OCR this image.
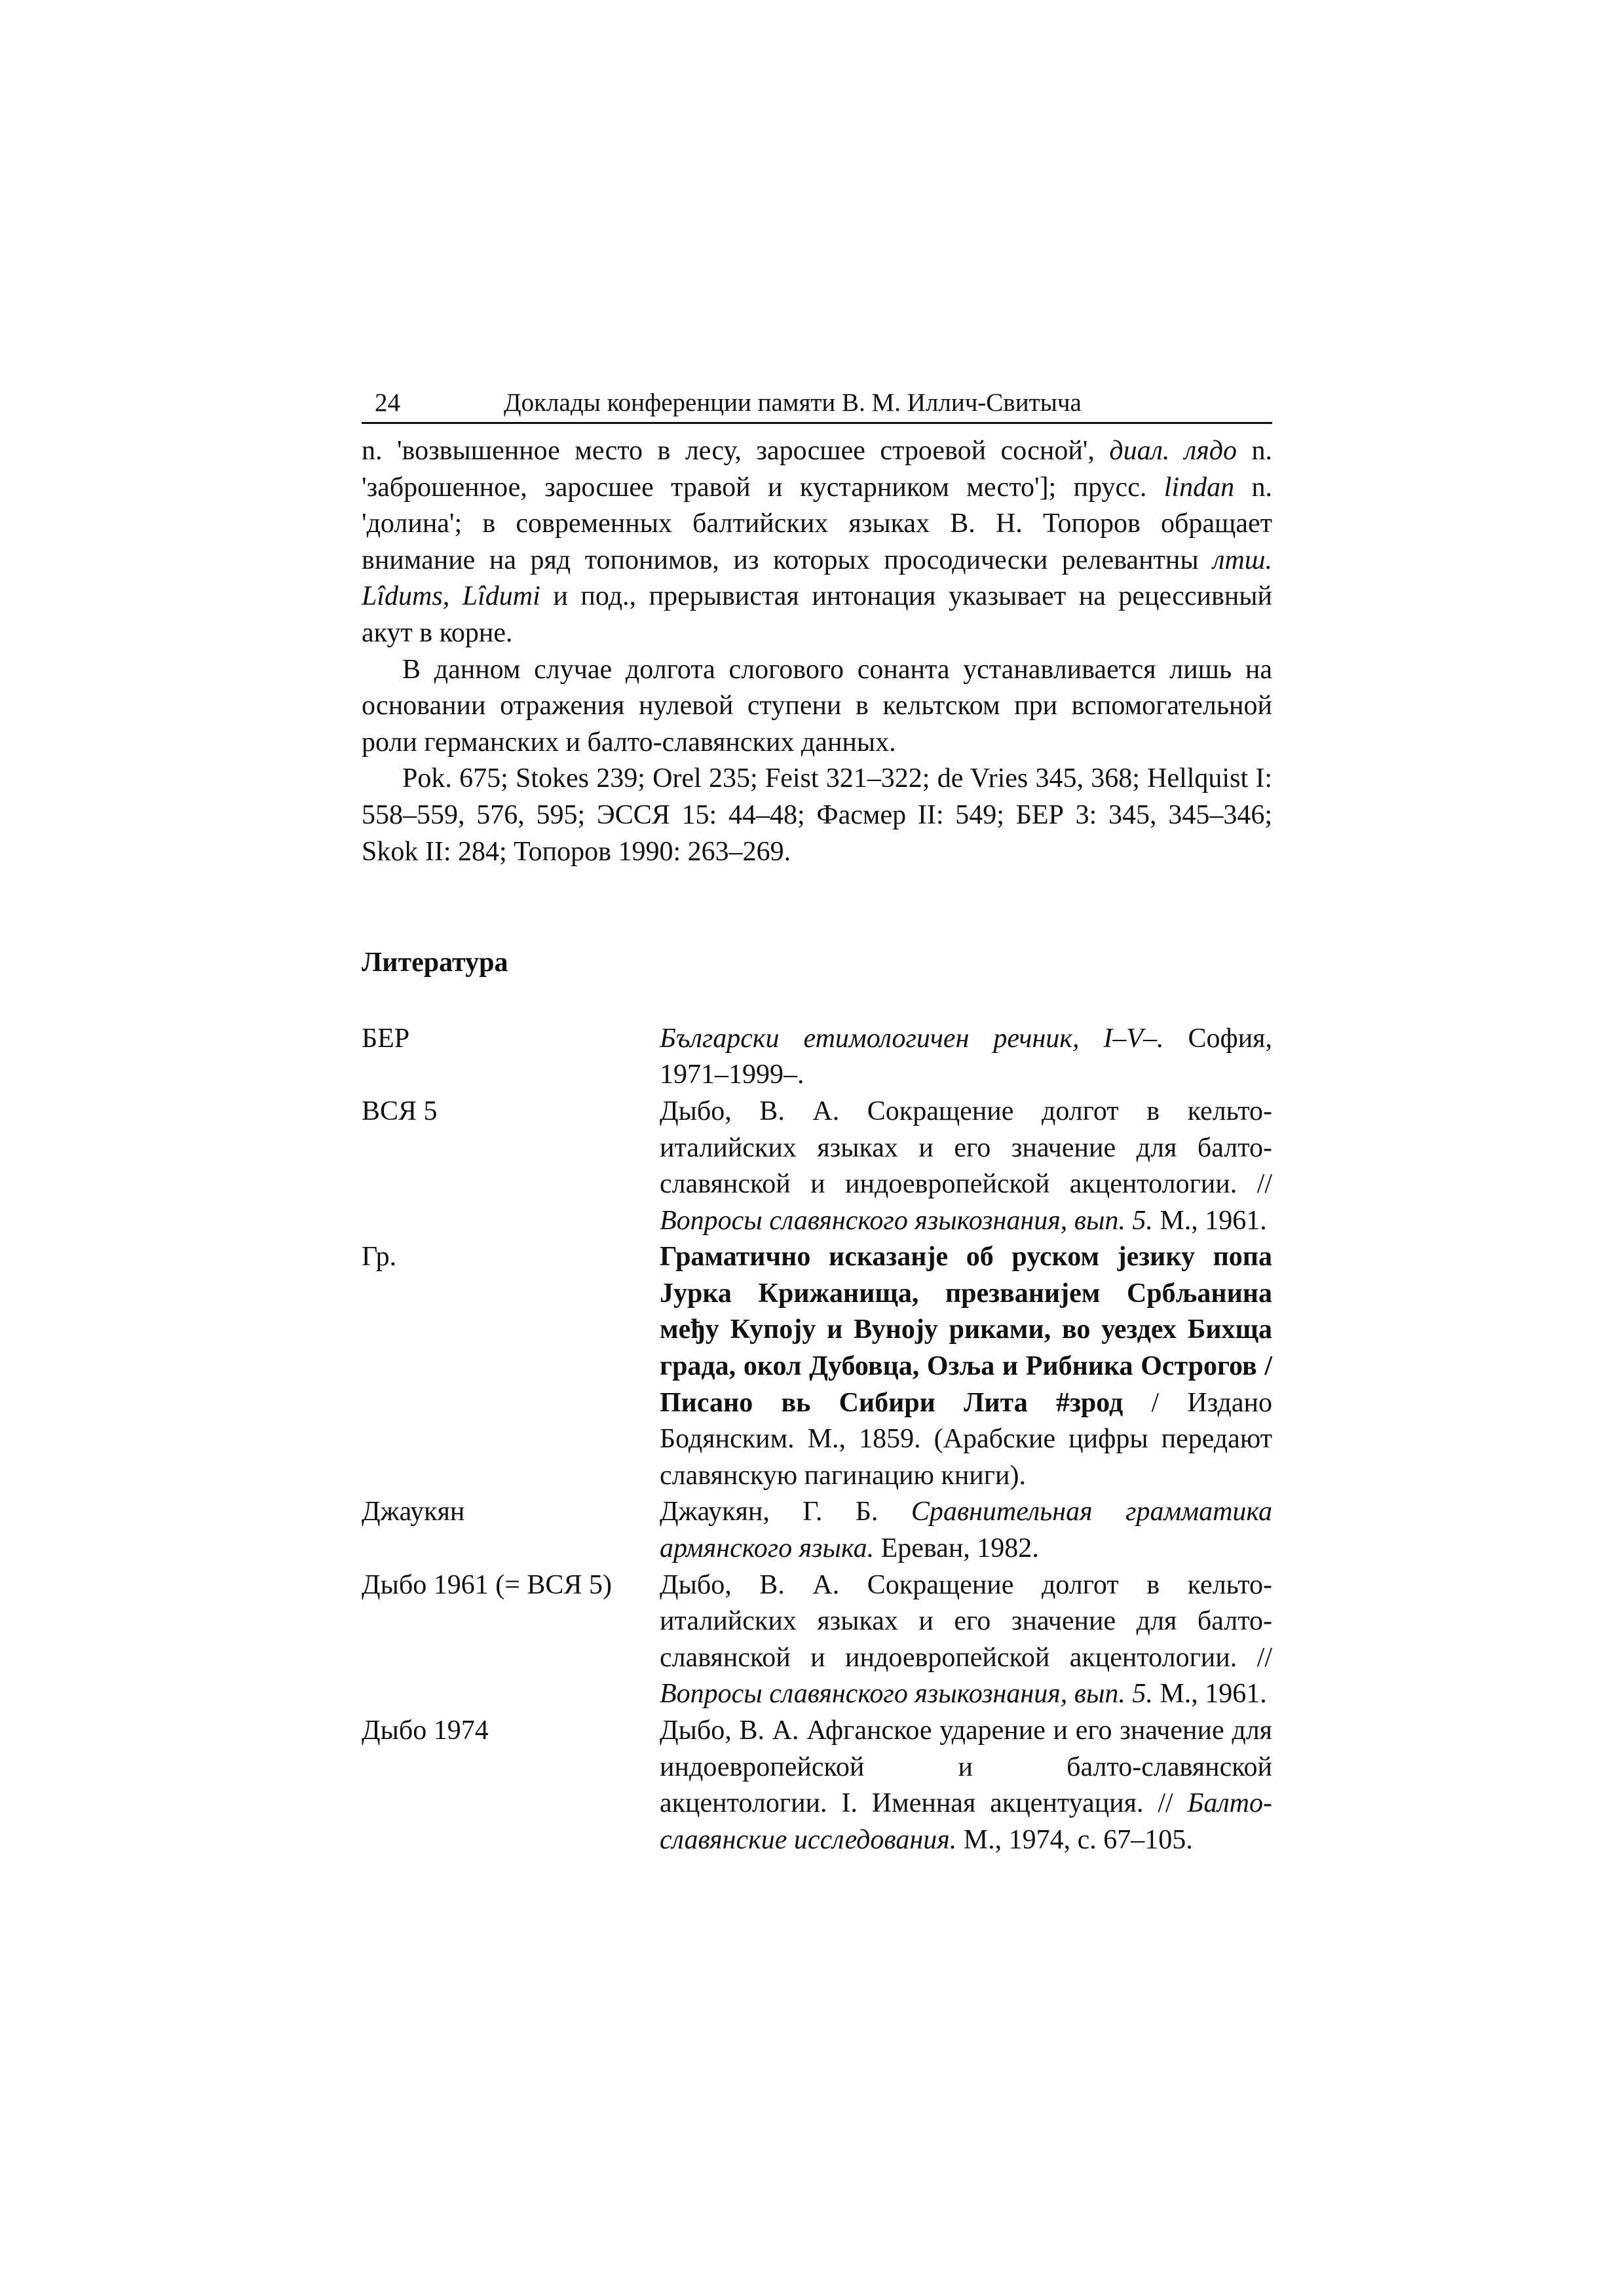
24	Доклады конференции памяти В. М. Иллич-Свитыча

n. 'возвышенное место в лесу, заросшее строевой сосной', диал. лядо n. 'заброшенное, заросшее травой и кустарником место']; прусс. lindan n. 'долина'; в современных балтийских языках В. Н. Топоров обращает внимание на ряд топонимов, из которых просодически релевантны лтш. Lîdums, Lîdumi и под., прерывистая интонация указывает на рецессивный акут в корне.

В данном случае долгота слогового сонанта устанавливается лишь на основании отражения нулевой ступени в кельтском при вспомогательной роли германских и балто-славянских данных.

Pok. 675; Stokes 239; Orel 235; Feist 321–322; de Vries 345, 368; Hellquist I: 558–559, 576, 595; ЭССЯ 15: 44–48; Фасмер II: 549; БЕР 3: 345, 345–346; Skok II: 284; Топоров 1990: 263–269.

Литература
БЕР	Български етимологичен речник, I–V–. София, 1971–1999–.
ВСЯ 5	Дыбо, В. А. Сокращение долгот в кельто-италийских языках и его значение для балто-славянской и индоевропейской акцентологии. // Вопросы славянского языкознания, вып. 5. М., 1961.
Гр.	Граматично исказанје об руском језику попа Јурка Крижанища, презванијем Србљанина међу Купоју и Вуноју риками, во уездех Бихща града, окол Дубовца, Озља и Рибника Острогов / Писано вь Сибири Лита #зрод / Издано Бодянским. М., 1859. (Арабские цифры передают славянскую пагинацию книги).
Джаукян	Джаукян, Г. Б. Сравнительная грамматика армянского языка. Ереван, 1982.
Дыбо 1961 (= ВСЯ 5)	Дыбо, В. А. Сокращение долгот в кельто-италийских языках и его значение для балто-славянской и индоевропейской акцентологии. // Вопросы славянского языкознания, вып. 5. М., 1961.
Дыбо 1974	Дыбо, В. А. Афганское ударение и его значение для индоевропейской и балто-славянской акцентологии. I. Именная акцентуация. // Балто-славянские исследования. М., 1974, с. 67–105.
